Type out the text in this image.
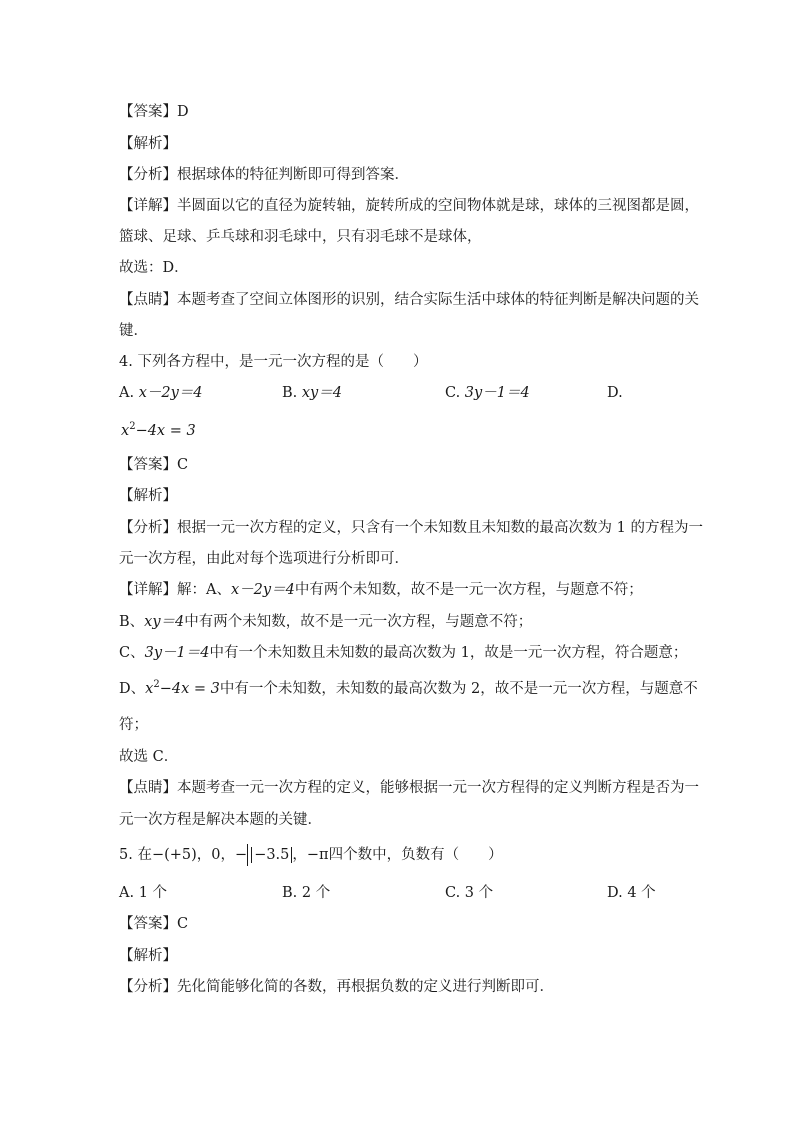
【答案】D
【解析】
【分析】根据球体的特征判断即可得到答案．
【详解】半圆面以它的直径为旋转轴，旋转所成的空间物体就是球，球体的三视图都是圆，
篮球、足球、乒乓球和羽毛球中，只有羽毛球不是球体，
故选：D．
【点睛】本题考查了空间立体图形的识别，结合实际生活中球体的特征判断是解决问题的关
键．
4. 下列各方程中，是一元一次方程的是（　　）
A. x－2y＝4	B. xy＝4	C. 3y－1＝4	D.
$x^2-4x = 3$
【答案】C
【解析】
【分析】根据一元一次方程的定义，只含有一个未知数且未知数的最高次数为 1 的方程为一
元一次方程，由此对每个选项进行分析即可．
【详解】解：A、x－2y＝4中有两个未知数，故不是一元一次方程，与题意不符；
B、xy＝4中有两个未知数，故不是一元一次方程，与题意不符；
C、3y－1＝4中有一个未知数且未知数的最高次数为 1，故是一元一次方程，符合题意；
D、$x^2-4x = 3$中有一个未知数，未知数的最高次数为 2，故不是一元一次方程，与题意不
符；
故选 C．
【点睛】本题考查一元一次方程的定义，能够根据一元一次方程得的定义判断方程是否为一
元一次方程是解决本题的关键．
5. 在−(+5)，0，− −3.5 ，−π四个数中，负数有（　　）
A. 1 个	B. 2 个	C. 3 个	D. 4 个
【答案】C
【解析】
【分析】先化简能够化简的各数，再根据负数的定义进行判断即可．
